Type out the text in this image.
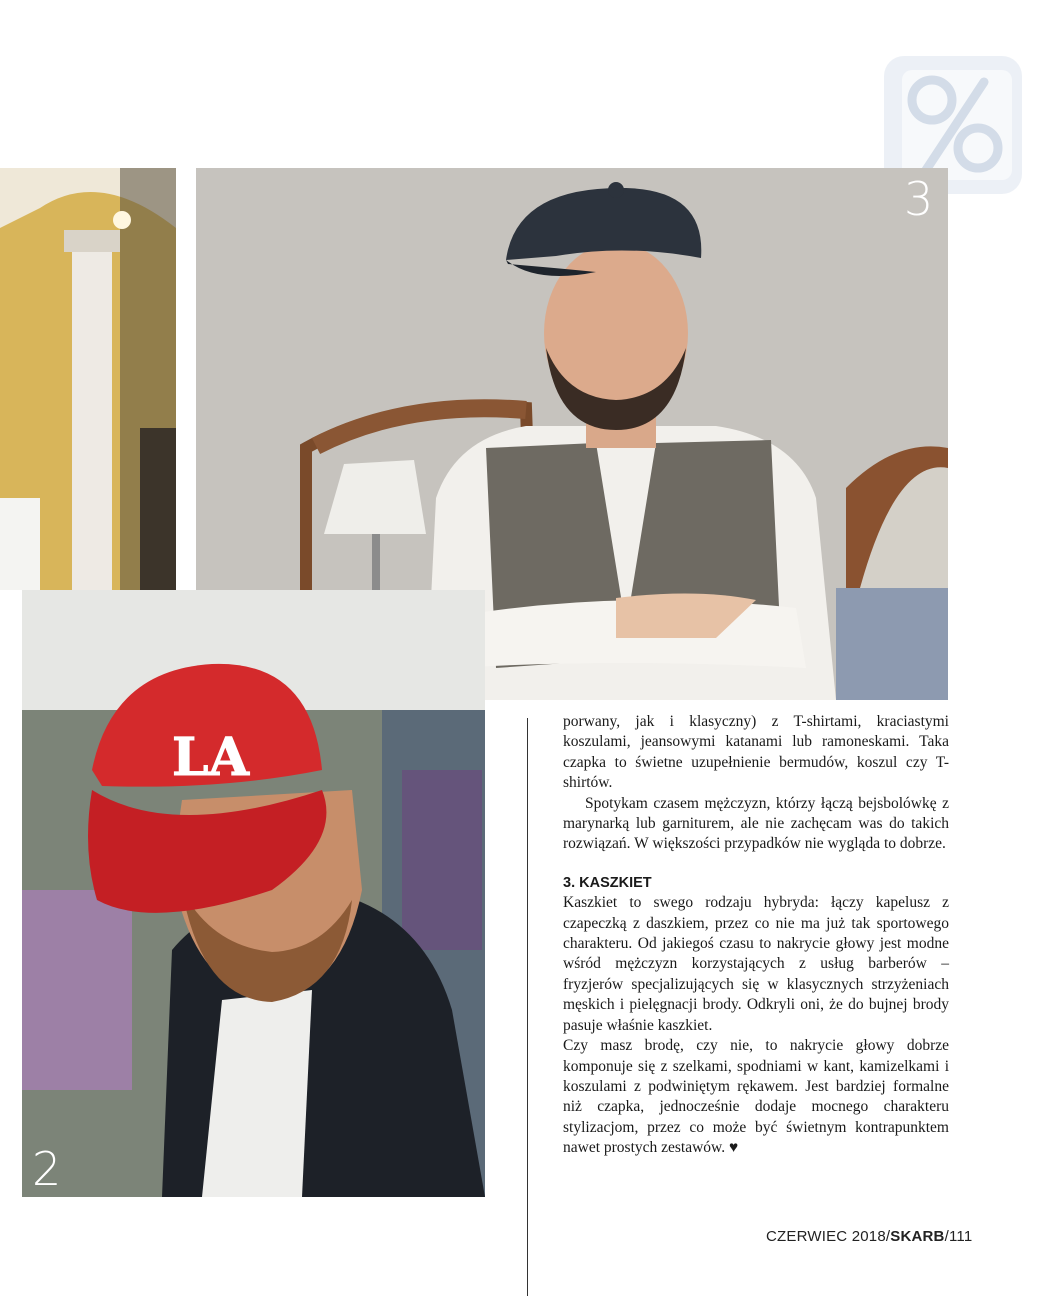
3
LA
2

porwany, jak i klasyczny) z T-shirtami, kraciastymi koszulami, jeansowymi katanami lub ramoneskami. Taka czapka to świetne uzupełnienie bermudów, koszul czy T-shirtów.

Spotykam czasem mężczyzn, którzy łączą bejsbolówkę z marynarką lub garniturem, ale nie zachęcam was do takich rozwiązań. W większości przypadków nie wygląda to dobrze.

3. KASZKIET

Kaszkiet to swego rodzaju hybryda: łączy kapelusz z czapeczką z daszkiem, przez co nie ma już tak sportowego charakteru. Od jakiegoś czasu to nakrycie głowy jest modne wśród mężczyzn korzystających z usług barberów – fryzjerów specjalizujących się w klasycznych strzyżeniach męskich i pielęgnacji brody. Odkryli oni, że do bujnej brody pasuje właśnie kaszkiet.

Czy masz brodę, czy nie, to nakrycie głowy dobrze komponuje się z szelkami, spodniami w kant, kamizelkami i koszulami z podwiniętym rękawem. Jest bardziej formalne niż czapka, jednocześnie dodaje mocnego charakteru stylizacjom, przez co może być świetnym kontrapunktem nawet prostych zestawów. ♥

CZERWIEC 2018/SKARB/111
